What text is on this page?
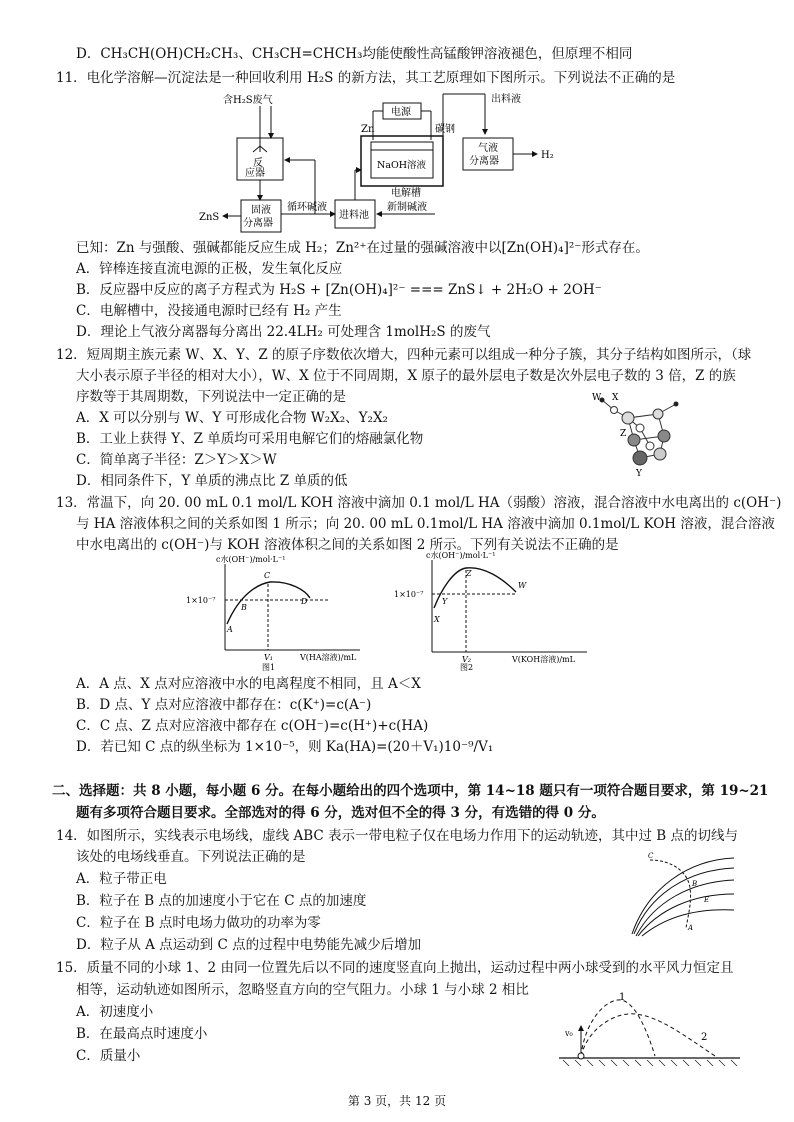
D．CH₃CH(OH)CH₂CH₃、CH₃CH=CHCH₃均能使酸性高锰酸钾溶液褪色，但原理不相同
11．电化学溶解—沉淀法是一种回收利用 H₂S 的新方法，其工艺原理如下图所示。下列说法不正确的是
含H₂S废气
反
应器
电源
Zn	碳钢
NaOH溶液
电解槽
出料液
气液
分离器
H₂
ZnS
固液
分离器
循环碱液
进料池
新制碱液
已知：Zn 与强酸、强碱都能反应生成 H₂；Zn²⁺在过量的强碱溶液中以[Zn(OH)₄]²⁻形式存在。
A．锌棒连接直流电源的正极，发生氧化反应
B．反应器中反应的离子方程式为 H₂S + [Zn(OH)₄]²⁻ === ZnS↓ + 2H₂O + 2OH⁻
C．电解槽中，没接通电源时已经有 H₂ 产生
D．理论上气液分离器每分离出 22.4LH₂ 可处理含 1molH₂S 的废气
12．短周期主族元素 W、X、Y、Z 的原子序数依次增大，四种元素可以组成一种分子簇，其分子结构如图所示，（球
大小表示原子半径的相对大小），W、X 位于不同周期，X 原子的最外层电子数是次外层电子数的 3 倍，Z 的族
序数等于其周期数，下列说法中一定正确的是
A．X 可以分别与 W、Y 可形成化合物 W₂X₂、Y₂X₂
B．工业上获得 Y、Z 单质均可采用电解它们的熔融氯化物
C．简单离子半径：Z＞Y＞X＞W
D．相同条件下，Y 单质的沸点比 Z 单质的低
W X
Z
Y
13．常温下，向 20. 00 mL 0.1 mol/L KOH 溶液中滴加 0.1 mol/L HA（弱酸）溶液，混合溶液中水电离出的 c(OH⁻)
与 HA 溶液体积之间的关系如图 1 所示；向 20. 00 mL 0.1mol/L HA 溶液中滴加 0.1mol/L KOH 溶液，混合溶液
中水电离出的 c(OH⁻)与 KOH 溶液体积之间的关系如图 2 所示。下列有关说法不正确的是
c水(OH⁻)/mol·L⁻¹
1×10⁻⁷
A
B
C
D
V₁	V(HA溶液)/mL
图1
c水(OH⁻)/mol·L⁻¹
1×10⁻⁷
X
Y
Z
W
V₂	V(KOH溶液)/mL
图2
A．A 点、X 点对应溶液中水的电离程度不相同，且 A＜X
B．D 点、Y 点对应溶液中都存在：c(K⁺)=c(A⁻)
C．C 点、Z 点对应溶液中都存在 c(OH⁻)=c(H⁺)+c(HA)
D．若已知 C 点的纵坐标为 1×10⁻⁵，则 Ka(HA)=(20＋V₁)10⁻⁹/V₁
二、选择题：共 8 小题，每小题 6 分。在每小题给出的四个选项中，第 14~18 题只有一项符合题目要求，第 19~21
题有多项符合题目要求。全部选对的得 6 分，选对但不全的得 3 分，有选错的得 0 分。
14．如图所示，实线表示电场线，虚线 ABC 表示一带电粒子仅在电场力作用下的运动轨迹，其中过 B 点的切线与
该处的电场线垂直。下列说法正确的是
A．粒子带正电
B．粒子在 B 点的加速度小于它在 C 点的加速度
C．粒子在 B 点时电场力做功的功率为零
D．粒子从 A 点运动到 C 点的过程中电势能先减少后增加
C
B
E
A
15．质量不同的小球 1、2 由同一位置先后以不同的速度竖直向上抛出，运动过程中两小球受到的水平风力恒定且
相等，运动轨迹如图所示，忽略竖直方向的空气阻力。小球 1 与小球 2 相比
A．初速度小
B．在最高点时速度小
C．质量小
v₀
1
2
第 3 页，共 12 页
